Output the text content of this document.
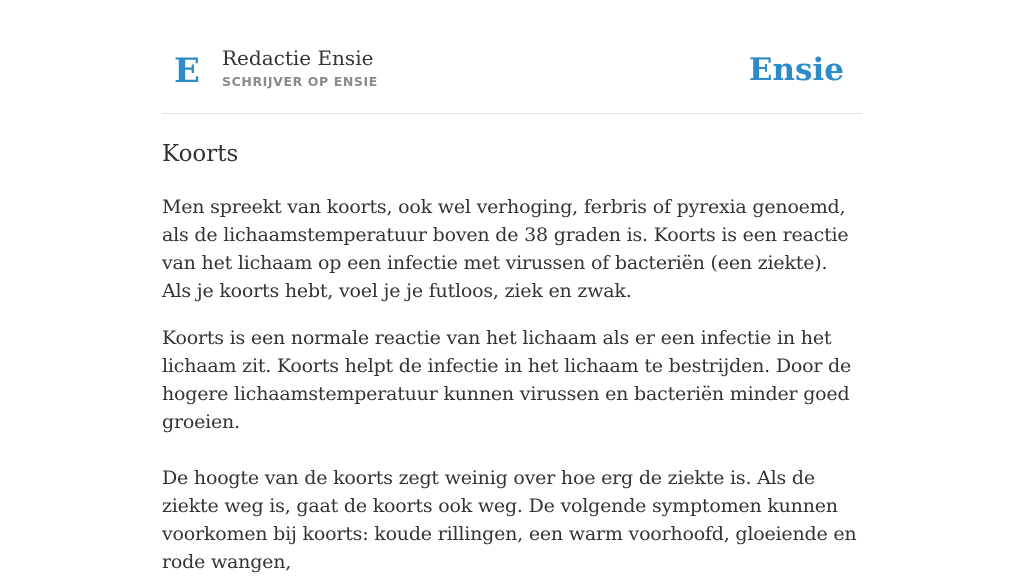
E Redactie Ensie
SCHRIJVER OP ENSIE	Ensie
Koorts

Men spreekt van koorts, ook wel verhoging, ferbris of pyrexia genoemd, als de lichaamstemperatuur boven de 38 graden is. Koorts is een reactie van het lichaam op een infectie met virussen of bacteriën (een ziekte). Als je koorts hebt, voel je je futloos, ziek en zwak.

Koorts is een normale reactie van het lichaam als er een infectie in het lichaam zit. Koorts helpt de infectie in het lichaam te bestrijden. Door de hogere lichaamstemperatuur kunnen virussen en bacteriën minder goed groeien.

De hoogte van de koorts zegt weinig over hoe erg de ziekte is. Als de ziekte weg is, gaat de koorts ook weg. De volgende symptomen kunnen voorkomen bij koorts: koude rillingen, een warm voorhoofd, gloeiende en rode wangen,
